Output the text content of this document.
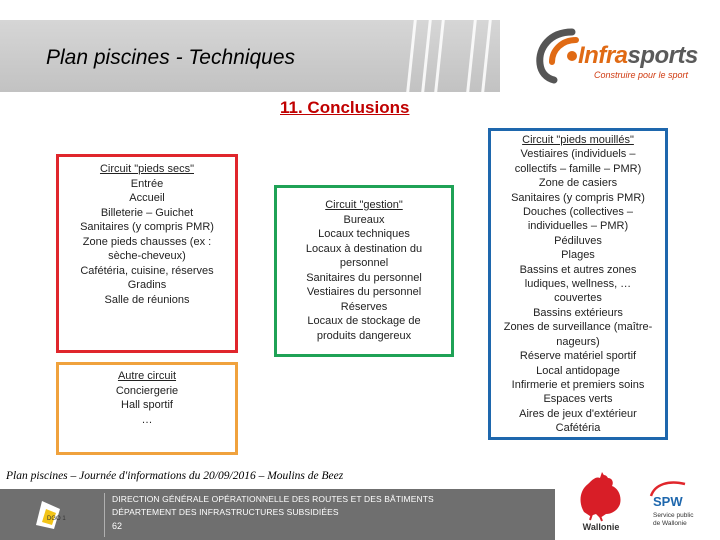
Plan piscines - Techniques	Infrasports
Construire pour le sport
11. Conclusions
Circuit "pieds secs"
Entrée
Accueil
Billeterie – Guichet
Sanitaires (y compris PMR)
Zone pieds chausses (ex :
sèche-cheveux)
Cafétéria, cuisine, réserves
Gradins
Salle de réunions
Circuit "gestion"
Bureaux
Locaux techniques
Locaux à destination du
personnel
Sanitaires du personnel
Vestiaires du personnel
Réserves
Locaux de stockage de
produits dangereux
Autre circuit
Conciergerie
Hall sportif
…
Circuit "pieds mouillés"
Vestiaires (individuels –
collectifs – famille – PMR)
Zone de casiers
Sanitaires (y compris PMR)
Douches (collectives –
individuelles – PMR)
Pédiluves
Plages
Bassins et autres zones
ludiques, wellness, …
couvertes
Bassins extérieurs
Zones de surveillance (maître-
nageurs)
Réserve matériel sportif
Local antidopage
Infirmerie et premiers soins
Espaces verts
Aires de jeux d'extérieur
Cafétéria
Plan piscines – Journée d'informations du 20/09/2016 – Moulins de Beez
DGO 1
DIRECTION GÉNÉRALE OPÉRATIONNELLE DES ROUTES ET DES BÂTIMENTS
DÉPARTEMENT DES INFRASTRUCTURES SUBSIDIÉES
62	Wallonie
SPW
Service public
de Wallonie
